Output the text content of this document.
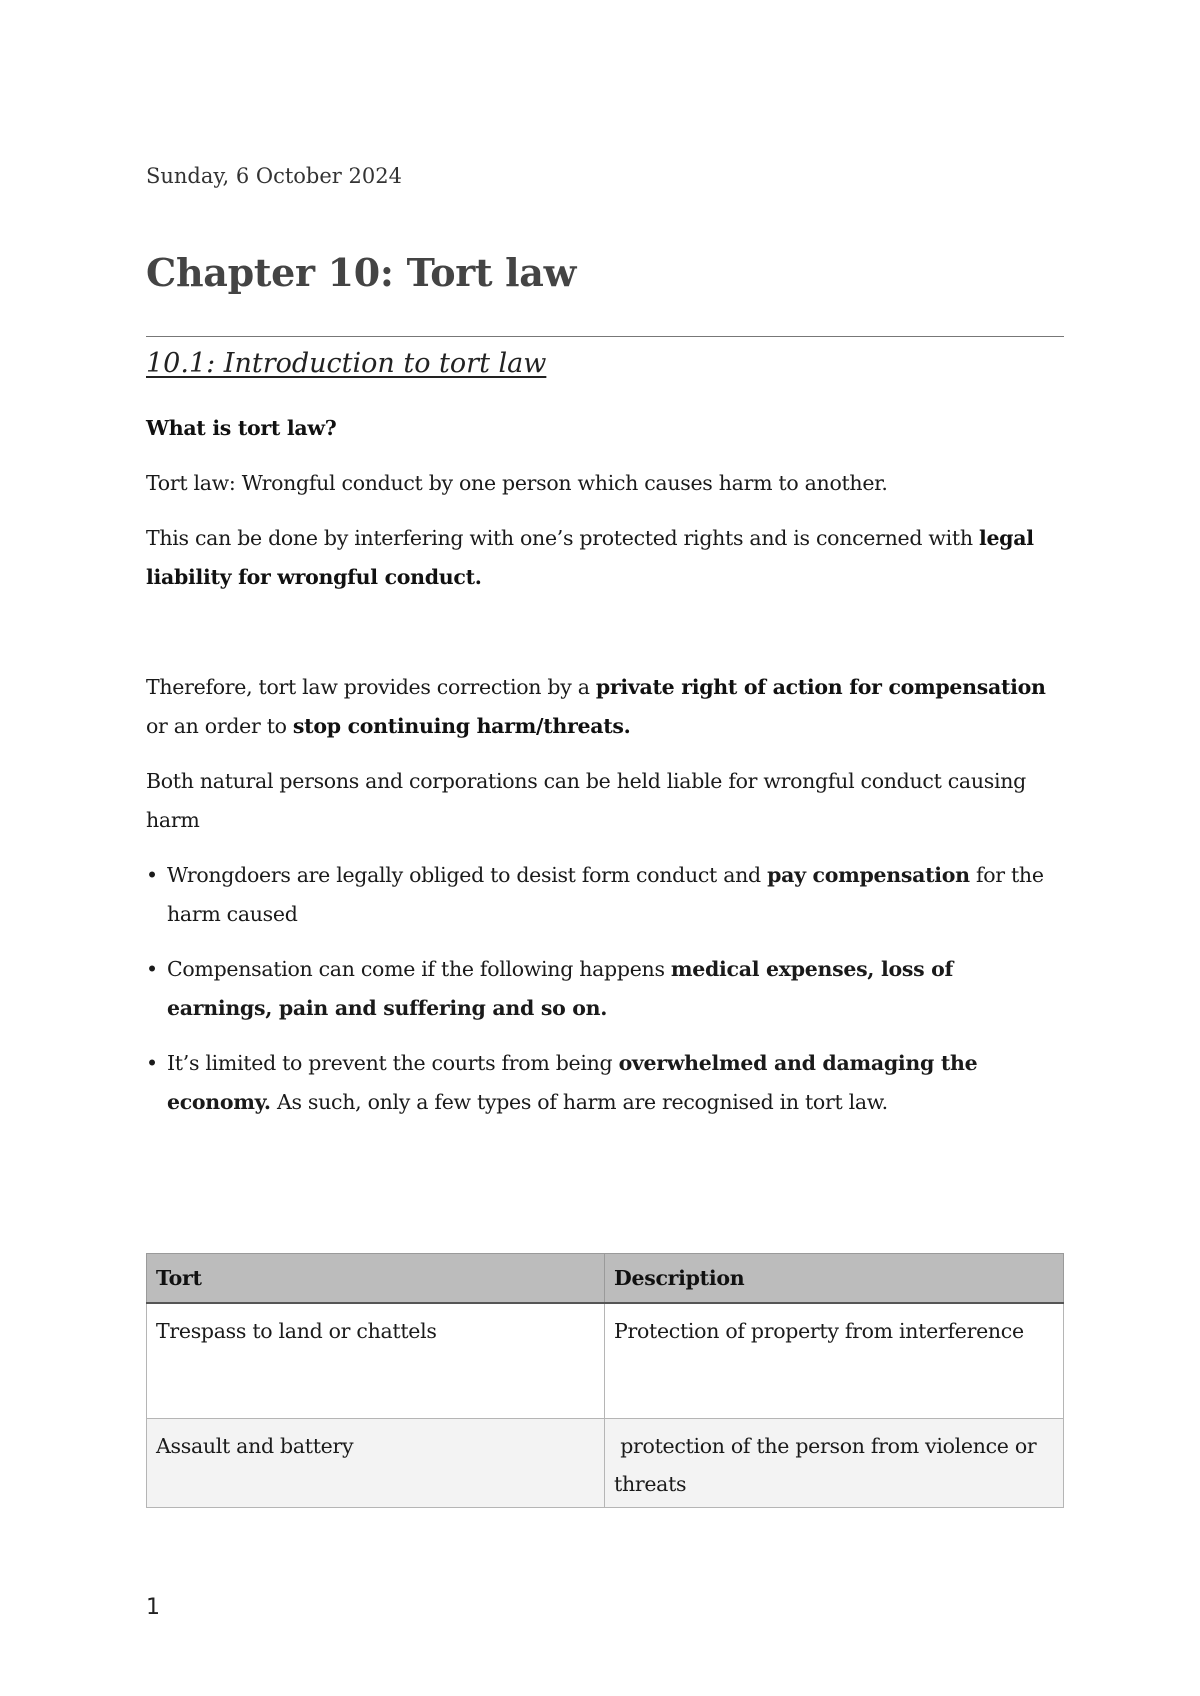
Sunday, 6 October 2024
Chapter 10: Tort law
10.1: Introduction to tort law

What is tort law?

Tort law: Wrongful conduct by one person which causes harm to another.

This can be done by interfering with one’s protected rights and is concerned with legal liability for wrongful conduct.

Therefore, tort law provides correction by a private right of action for compensation or an order to stop continuing harm/threats.

Both natural persons and corporations can be held liable for wrongful conduct causing harm

• Wrongdoers are legally obliged to desist form conduct and pay compensation for the harm caused
• Compensation can come if the following happens medical expenses, loss of earnings, pain and suffering and so on.
• It’s limited to prevent the courts from being overwhelmed and damaging the economy. As such, only a few types of harm are recognised in tort law.
Tort	Description
Trespass to land or chattels	Protection of property from interference
Assault and battery	protection of the person from violence or threats
1
